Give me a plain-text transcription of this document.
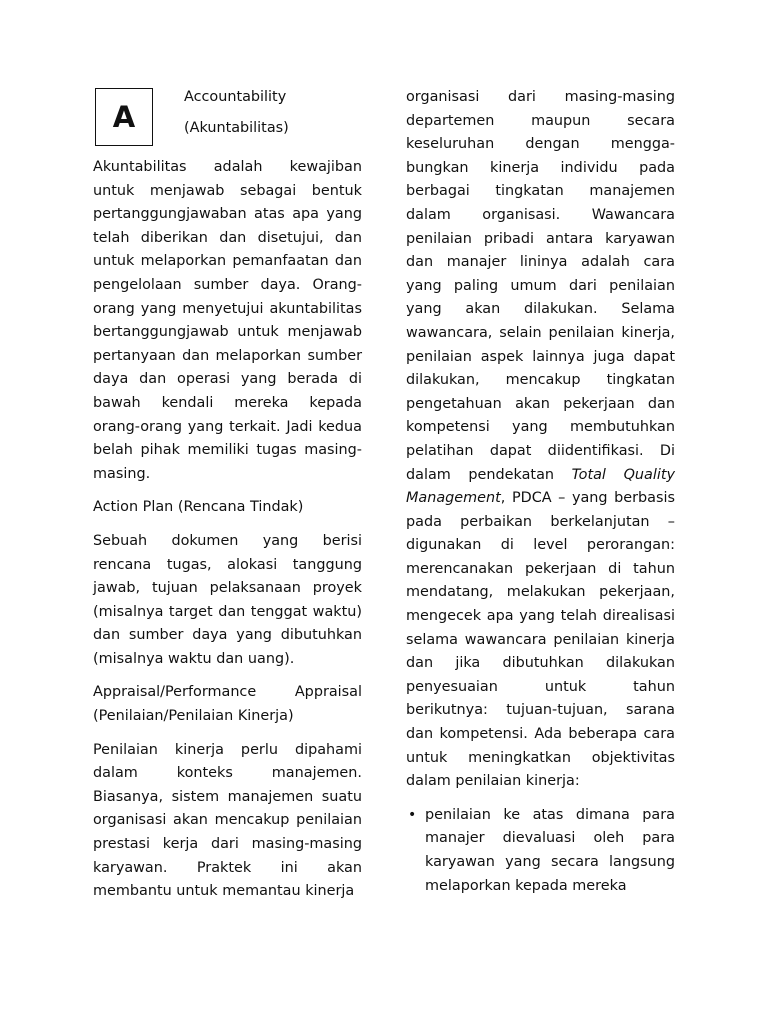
A
Accountability
(Akuntabilitas)

Akuntabilitas adalah kewajiban untuk menjawab sebagai bentuk pertanggungjawaban atas apa yang telah diberikan dan disetujui, dan untuk melaporkan pemanfaatan dan pengelolaan sumber daya. Orang-orang yang menyetujui akuntabilitas bertanggungjawab untuk menjawab pertanyaan dan melaporkan sumber daya dan operasi yang berada di bawah kendali mereka kepada orang-orang yang terkait. Jadi kedua belah pihak memiliki tugas masing-masing.

Action Plan (Rencana Tindak)

Sebuah dokumen yang berisi rencana tugas, alokasi tanggung jawab, tujuan pelaksanaan proyek (misalnya target dan tenggat waktu) dan sumber daya yang dibutuhkan (misalnya waktu dan uang).

Appraisal/Performance Appraisal (Penilaian/Penilaian Kinerja)

Penilaian kinerja perlu dipahami dalam konteks manajemen. Biasanya, sistem manajemen suatu organisasi akan mencakup penilaian prestasi kerja dari masing-masing karyawan. Praktek ini akan membantu untuk memantau kinerja

organisasi dari masing-masing departemen maupun secara keseluruhan dengan mengga-bungkan kinerja individu pada berbagai tingkatan manajemen dalam organisasi. Wawancara penilaian pribadi antara karyawan dan manajer lininya adalah cara yang paling umum dari penilaian yang akan dilakukan. Selama wawancara, selain penilaian kinerja, penilaian aspek lainnya juga dapat dilakukan, mencakup tingkatan pengetahuan akan pekerjaan dan kompetensi yang membutuhkan pelatihan dapat diidentifikasi. Di dalam pendekatan Total Quality Management, PDCA – yang berbasis pada perbaikan berkelanjutan – digunakan di level perorangan: merencanakan pekerjaan di tahun mendatang, melakukan pekerjaan, mengecek apa yang telah direalisasi selama wawancara penilaian kinerja dan jika dibutuhkan dilakukan penyesuaian untuk tahun berikutnya: tujuan-tujuan, sarana dan kompetensi. Ada beberapa cara untuk meningkatkan objektivitas dalam penilaian kinerja:

• penilaian ke atas dimana para manajer dievaluasi oleh para karyawan yang secara langsung melaporkan kepada mereka
